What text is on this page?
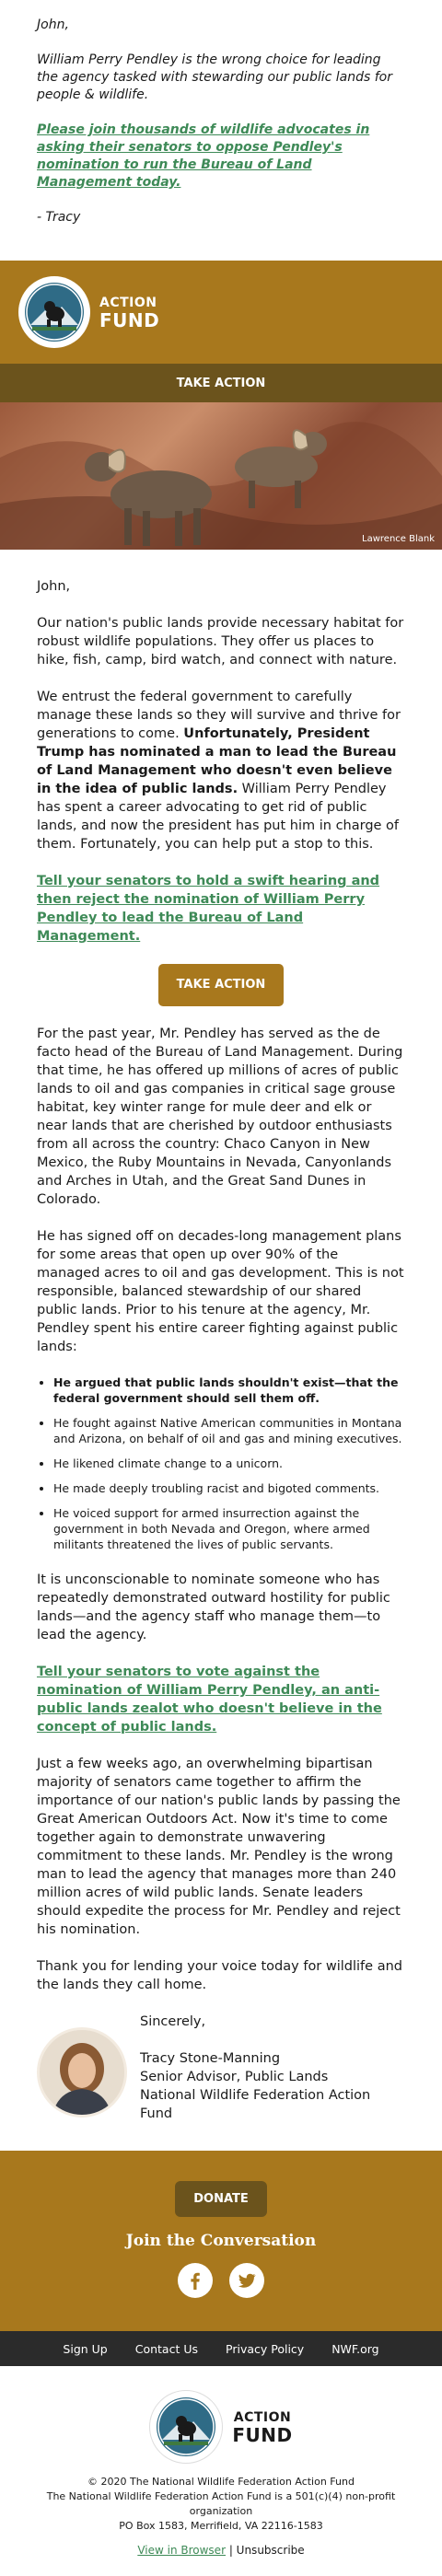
John,

William Perry Pendley is the wrong choice for leading the agency tasked with stewarding our public lands for people & wildlife.

Please join thousands of wildlife advocates in asking their senators to oppose Pendley's nomination to run the Bureau of Land Management today.

- Tracy

ACTION
FUND
TAKE ACTION
Lawrence Blank

John,

Our nation's public lands provide necessary habitat for robust wildlife populations. They offer us places to hike, fish, camp, bird watch, and connect with nature.

We entrust the federal government to carefully manage these lands so they will survive and thrive for generations to come. Unfortunately, President Trump has nominated a man to lead the Bureau of Land Management who doesn't even believe in the idea of public lands. William Perry Pendley has spent a career advocating to get rid of public lands, and now the president has put him in charge of them. Fortunately, you can help put a stop to this.

Tell your senators to hold a swift hearing and then reject the nomination of William Perry Pendley to lead the Bureau of Land Management.

TAKE ACTION

For the past year, Mr. Pendley has served as the de facto head of the Bureau of Land Management. During that time, he has offered up millions of acres of public lands to oil and gas companies in critical sage grouse habitat, key winter range for mule deer and elk or near lands that are cherished by outdoor enthusiasts from all across the country: Chaco Canyon in New Mexico, the Ruby Mountains in Nevada, Canyonlands and Arches in Utah, and the Great Sand Dunes in Colorado.

He has signed off on decades-long management plans for some areas that open up over 90% of the managed acres to oil and gas development. This is not responsible, balanced stewardship of our shared public lands. Prior to his tenure at the agency, Mr. Pendley spent his entire career fighting against public lands:

• He argued that public lands shouldn't exist—that the federal government should sell them off.
• He fought against Native American communities in Montana and Arizona, on behalf of oil and gas and mining executives.
• He likened climate change to a unicorn.
• He made deeply troubling racist and bigoted comments.
• He voiced support for armed insurrection against the government in both Nevada and Oregon, where armed militants threatened the lives of public servants.

It is unconscionable to nominate someone who has repeatedly demonstrated outward hostility for public lands—and the agency staff who manage them—to lead the agency.

Tell your senators to vote against the nomination of William Perry Pendley, an anti-public lands zealot who doesn't believe in the concept of public lands.

Just a few weeks ago, an overwhelming bipartisan majority of senators came together to affirm the importance of our nation's public lands by passing the Great American Outdoors Act. Now it's time to come together again to demonstrate unwavering commitment to these lands. Mr. Pendley is the wrong man to lead the agency that manages more than 240 million acres of wild public lands. Senate leaders should expedite the process for Mr. Pendley and reject his nomination.

Thank you for lending your voice today for wildlife and the lands they call home.

Sincerely,
Tracy Stone-Manning
Senior Advisor, Public Lands
National Wildlife Federation Action Fund
DONATE
Join the Conversation
Sign Up Contact Us Privacy Policy NWF.org
ACTION
FUND

© 2020 The National Wildlife Federation Action Fund

The National Wildlife Federation Action Fund is a 501(c)(4) non-profit organization

PO Box 1583, Merrifield, VA 22116-1583

View in Browser | Unsubscribe
